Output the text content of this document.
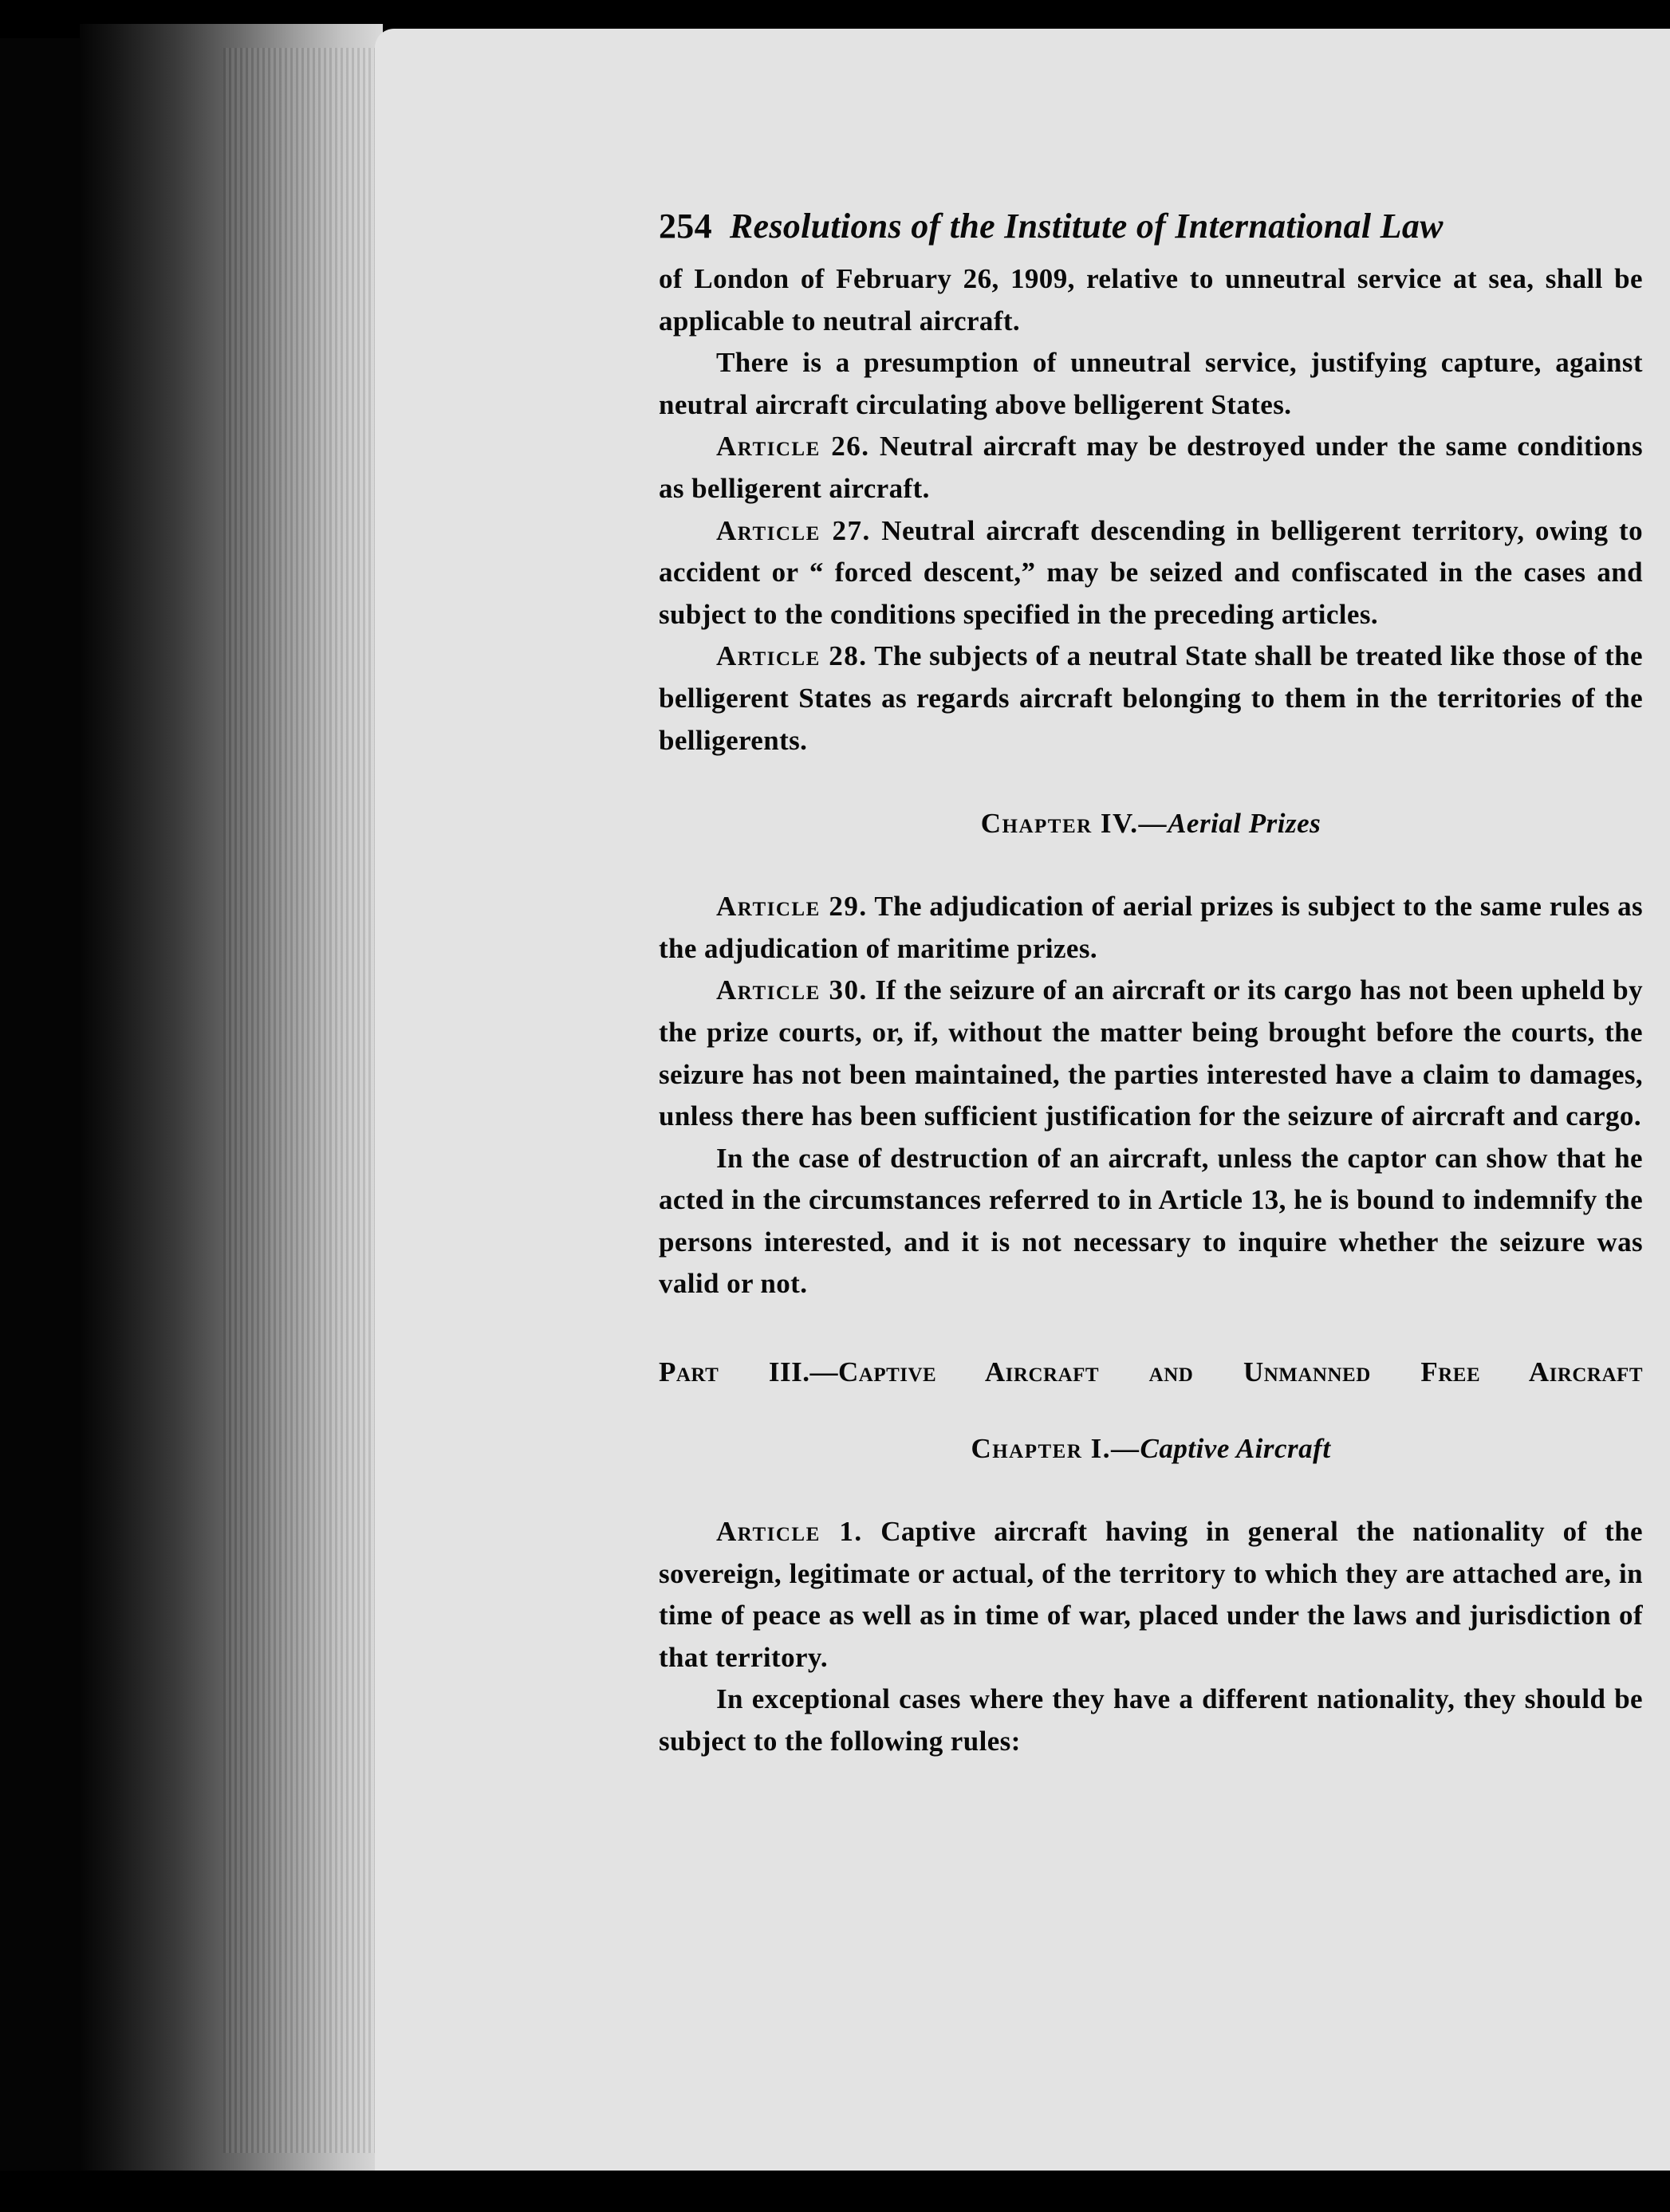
254 Resolutions of the Institute of International Law

of London of February 26, 1909, relative to unneutral service at sea, shall be applicable to neutral aircraft.

There is a presumption of unneutral service, justifying capture, against neutral aircraft circulating above belligerent States.

Article 26. Neutral aircraft may be destroyed under the same conditions as belligerent aircraft.

Article 27. Neutral aircraft descending in belligerent territory, owing to accident or “ forced descent,” may be seized and confiscated in the cases and subject to the conditions specified in the preceding articles.

Article 28. The subjects of a neutral State shall be treated like those of the belligerent States as regards aircraft belonging to them in the territories of the belligerents.

Chapter IV.—Aerial Prizes

Article 29. The adjudication of aerial prizes is subject to the same rules as the adjudication of maritime prizes.

Article 30. If the seizure of an aircraft or its cargo has not been upheld by the prize courts, or, if, without the matter being brought before the courts, the seizure has not been maintained, the parties interested have a claim to damages, unless there has been sufficient justification for the seizure of aircraft and cargo.

In the case of destruction of an aircraft, unless the captor can show that he acted in the circumstances referred to in Article 13, he is bound to indemnify the persons interested, and it is not necessary to inquire whether the seizure was valid or not.

Part III.—Captive Aircraft and Unmanned Free Aircraft
Chapter I.—Captive Aircraft

Article 1. Captive aircraft having in general the nationality of the sovereign, legitimate or actual, of the territory to which they are attached are, in time of peace as well as in time of war, placed under the laws and jurisdiction of that territory.

In exceptional cases where they have a different nationality, they should be subject to the following rules:
